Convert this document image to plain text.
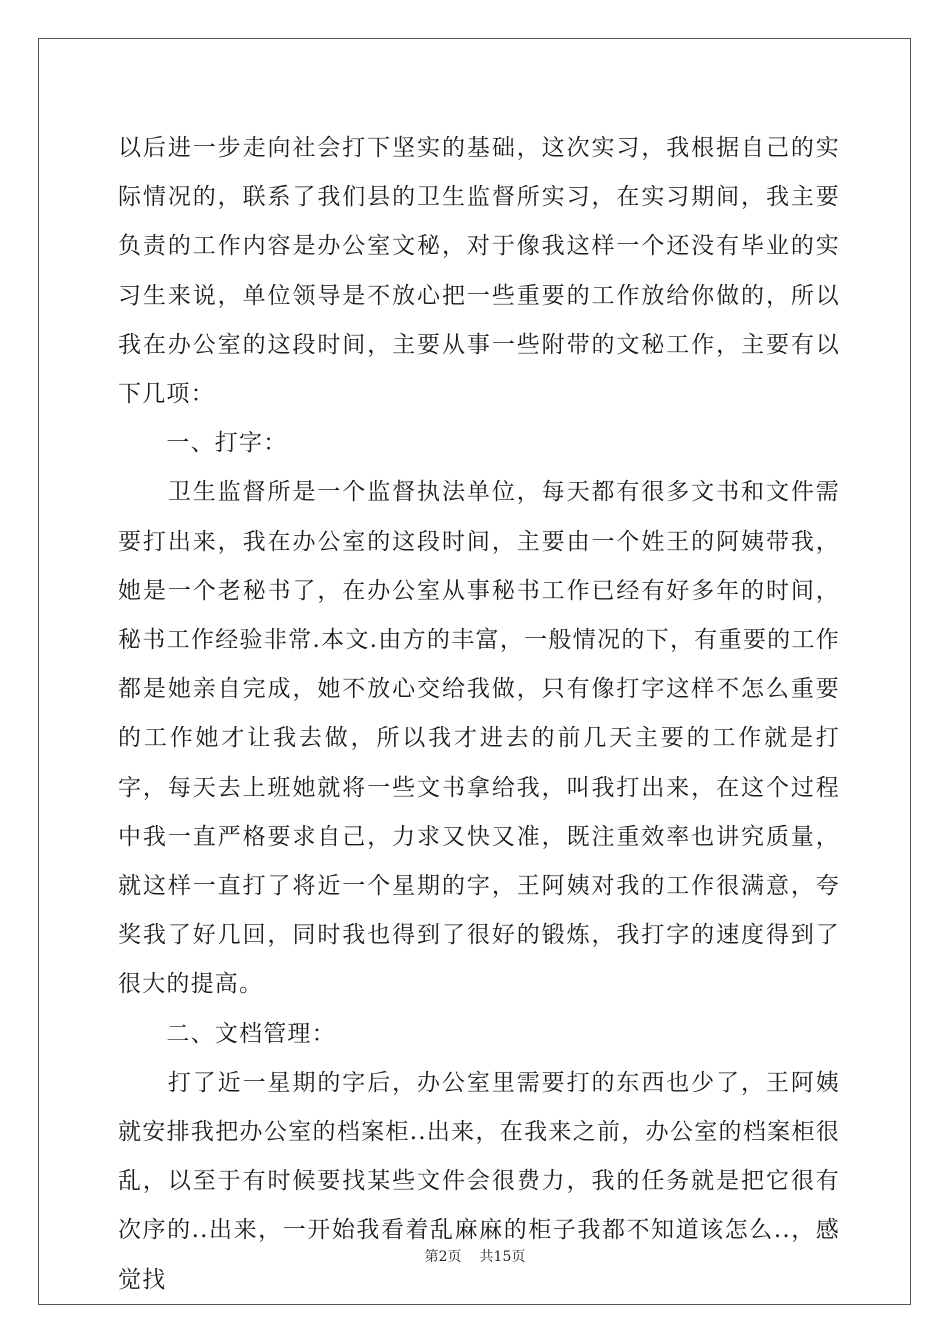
以后进一步走向社会打下坚实的基础，这次实习，我根据自己的实际情况的，联系了我们县的卫生监督所实习，在实习期间，我主要负责的工作内容是办公室文秘，对于像我这样一个还没有毕业的实习生来说，单位领导是不放心把一些重要的工作放给你做的，所以我在办公室的这段时间，主要从事一些附带的文秘工作，主要有以下几项：

　　一、打字：

　　卫生监督所是一个监督执法单位，每天都有很多文书和文件需要打出来，我在办公室的这段时间，主要由一个姓王的阿姨带我，她是一个老秘书了，在办公室从事秘书工作已经有好多年的时间，秘书工作经验非常.本文.由方的丰富，一般情况的下，有重要的工作都是她亲自完成，她不放心交给我做，只有像打字这样不怎么重要的工作她才让我去做，所以我才进去的前几天主要的工作就是打字，每天去上班她就将一些文书拿给我，叫我打出来，在这个过程中我一直严格要求自己，力求又快又准，既注重效率也讲究质量，就这样一直打了将近一个星期的字，王阿姨对我的工作很满意，夸奖我了好几回，同时我也得到了很好的锻炼，我打字的速度得到了很大的提高。

　　二、文档管理：

　　打了近一星期的字后，办公室里需要打的东西也少了，王阿姨就安排我把办公室的档案柜..出来，在我来之前，办公室的档案柜很乱，以至于有时候要找某些文件会很费力，我的任务就是把它很有次序的..出来，一开始我看着乱麻麻的柜子我都不知道该怎么..，感觉找

第2页 共15页
